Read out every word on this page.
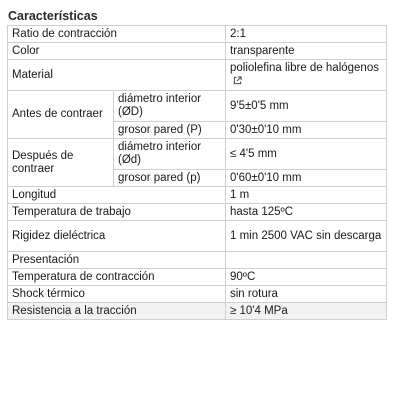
Características
Ratio de contracción		2:1
Color		transparente
Material		poliolefina libre de halógenos
Antes de contraer	diámetro interior (ØD)	9'5±0'5 mm
	grosor pared (P)	0'30±0'10 mm
Después de contraer	diámetro interior (Ød)	≤ 4'5 mm
	grosor pared (p)	0'60±0'10 mm
Longitud		1 m
Temperatura de trabajo		hasta 125ºC
Rigidez dieléctrica		1 min 2500 VAC sin descarga
Presentación		
Temperatura de contracción		90ºC
Shock térmico		sin rotura
Resistencia a la tracción		≥ 10'4 MPa
